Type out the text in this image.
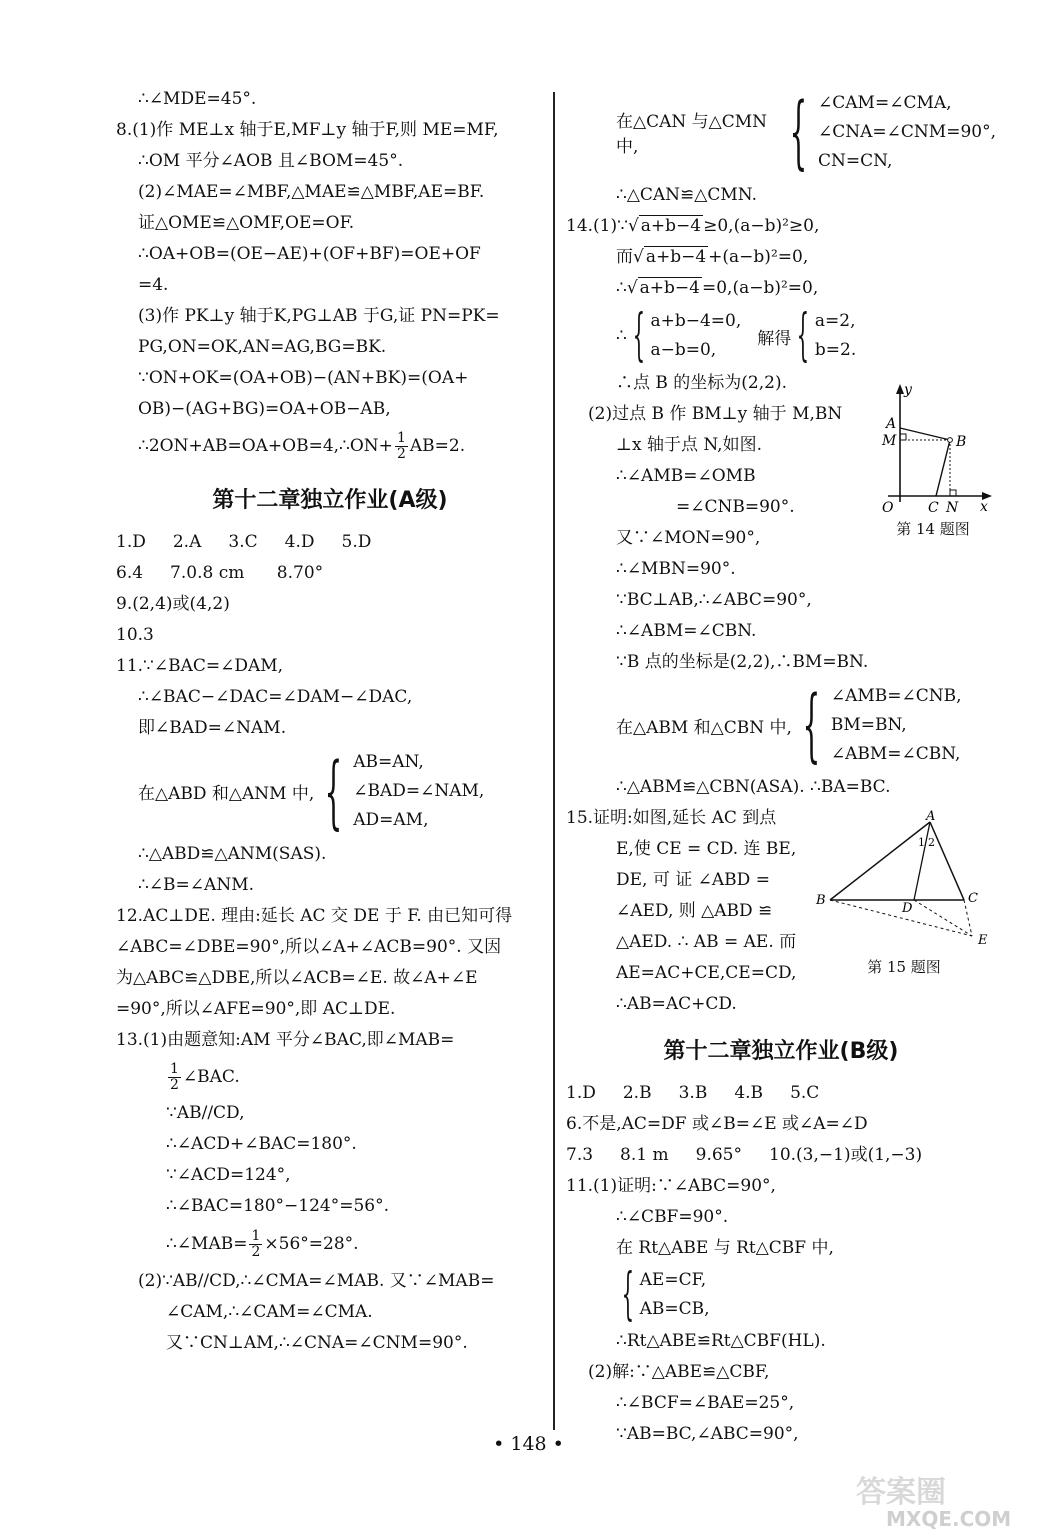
∴∠MDE=45°.
8.(1)作 ME⊥x 轴于E,MF⊥y 轴于F,则 ME=MF,
∴OM 平分∠AOB 且∠BOM=45°.
(2)∠MAE=∠MBF,△MAE≌△MBF,AE=BF.
证△OME≌△OMF,OE=OF.
∴OA+OB=(OE−AE)+(OF+BF)=OE+OF
=4.
(3)作 PK⊥y 轴于K,PG⊥AB 于G,证 PN=PK=
PG,ON=OK,AN=AG,BG=BK.
∵ON+OK=(OA+OB)−(AN+BK)=(OA+
OB)−(AG+BG)=OA+OB−AB,
∴2ON+AB=OA+OB=4,∴ON+ $\frac{1}{2} AB=2$.
第十二章独立作业(A级)
1.D     2.A     3.C     4.D     5.D
6.4     7.0.8 cm      8.70°
9.(2,4)或(4,2)
10.3
11.∵∠BAC=∠DAM,
∴∠BAC−∠DAC=∠DAM−∠DAC,
即∠BAD=∠NAM.
在△ABD 和△ANM 中, { AB=AN,
∠BAD=∠NAM,
AD=AM,
∴△ABD≌△ANM(SAS).
∴∠B=∠ANM.
12.AC⊥DE. 理由:延长 AC 交 DE 于 F. 由已知可得
∠ABC=∠DBE=90°,所以∠A+∠ACB=90°. 又因
为△ABC≌△DBE,所以∠ACB=∠E. 故∠A+∠E
=90°,所以∠AFE=90°,即 AC⊥DE.
13.(1)由题意知:AM 平分∠BAC,即∠MAB=
$\frac{1}{2}$ ∠BAC.
∵AB//CD,
∴∠ACD+∠BAC=180°.
∵∠ACD=124°,
∴∠BAC=180°−124°=56°.
∴∠MAB= $\frac{1}{2} \times 56^\circ=28^\circ$.
(2)∵AB//CD,∴∠CMA=∠MAB. 又∵∠MAB=
∠CAM,∴∠CAM=∠CMA.
又∵CN⊥AM,∴∠CNA=∠CNM=90°.
在△CAN 与△CMN 中,	{ ∠CAM=∠CMA,
∠CNA=∠CNM=90°,
CN=CN,
∴△CAN≌△CMN.
14.(1)∵√ a+b−4 ≥0,(a−b)²≥0,
而√ a+b−4 +(a−b)²=0,
∴√ a+b−4 =0,(a−b)²=0,
∴ { a+b−4=0,
a−b=0,
解得 { a=2,
b=2.
∴点 B 的坐标为(2,2).
(2)过点 B 作 BM⊥y 轴于 M,BN
⊥x 轴于点 N,如图.
∴∠AMB=∠OMB
=∠CNB=90°.
又∵∠MON=90°,
∴∠MBN=90°.
∵BC⊥AB,∴∠ABC=90°,
∴∠ABM=∠CBN.
∵B 点的坐标是(2,2),∴BM=BN.
在△ABM 和△CBN 中, { ∠AMB=∠CNB,
BM=BN,
∠ABM=∠CBN,
∴△ABM≌△CBN(ASA). ∴BA=BC.
15.证明:如图,延长 AC 到点
E,使 CE = CD. 连 BE,
DE, 可 证 ∠ABD =
∠AED, 则 △ABD ≌
△AED. ∴ AB = AE. 而
AE=AC+CE,CE=CD,
∴AB=AC+CD.
第十二章独立作业(B级)
1.D     2.B     3.B     4.B     5.C
6.不是,AC=DF 或∠B=∠E 或∠A=∠D
7.3     8.1 m     9.65°     10.(3,−1)或(1,−3)
11.(1)证明:∵∠ABC=90°,
∴∠CBF=90°.
在 Rt△ABE 与 Rt△CBF 中,
{ AE=CF,
AB=CB,
∴Rt△ABE≌Rt△CBF(HL).
(2)解:∵△ABE≌△CBF,
∴∠BCF=∠BAE=25°,
∵AB=BC,∠ABC=90°,
y
x
A
M	B
O C N
第 14 题图
A
1 2
B	C
D
E
第 15 题图
• 148 •
答案圈
MXQE.COM
